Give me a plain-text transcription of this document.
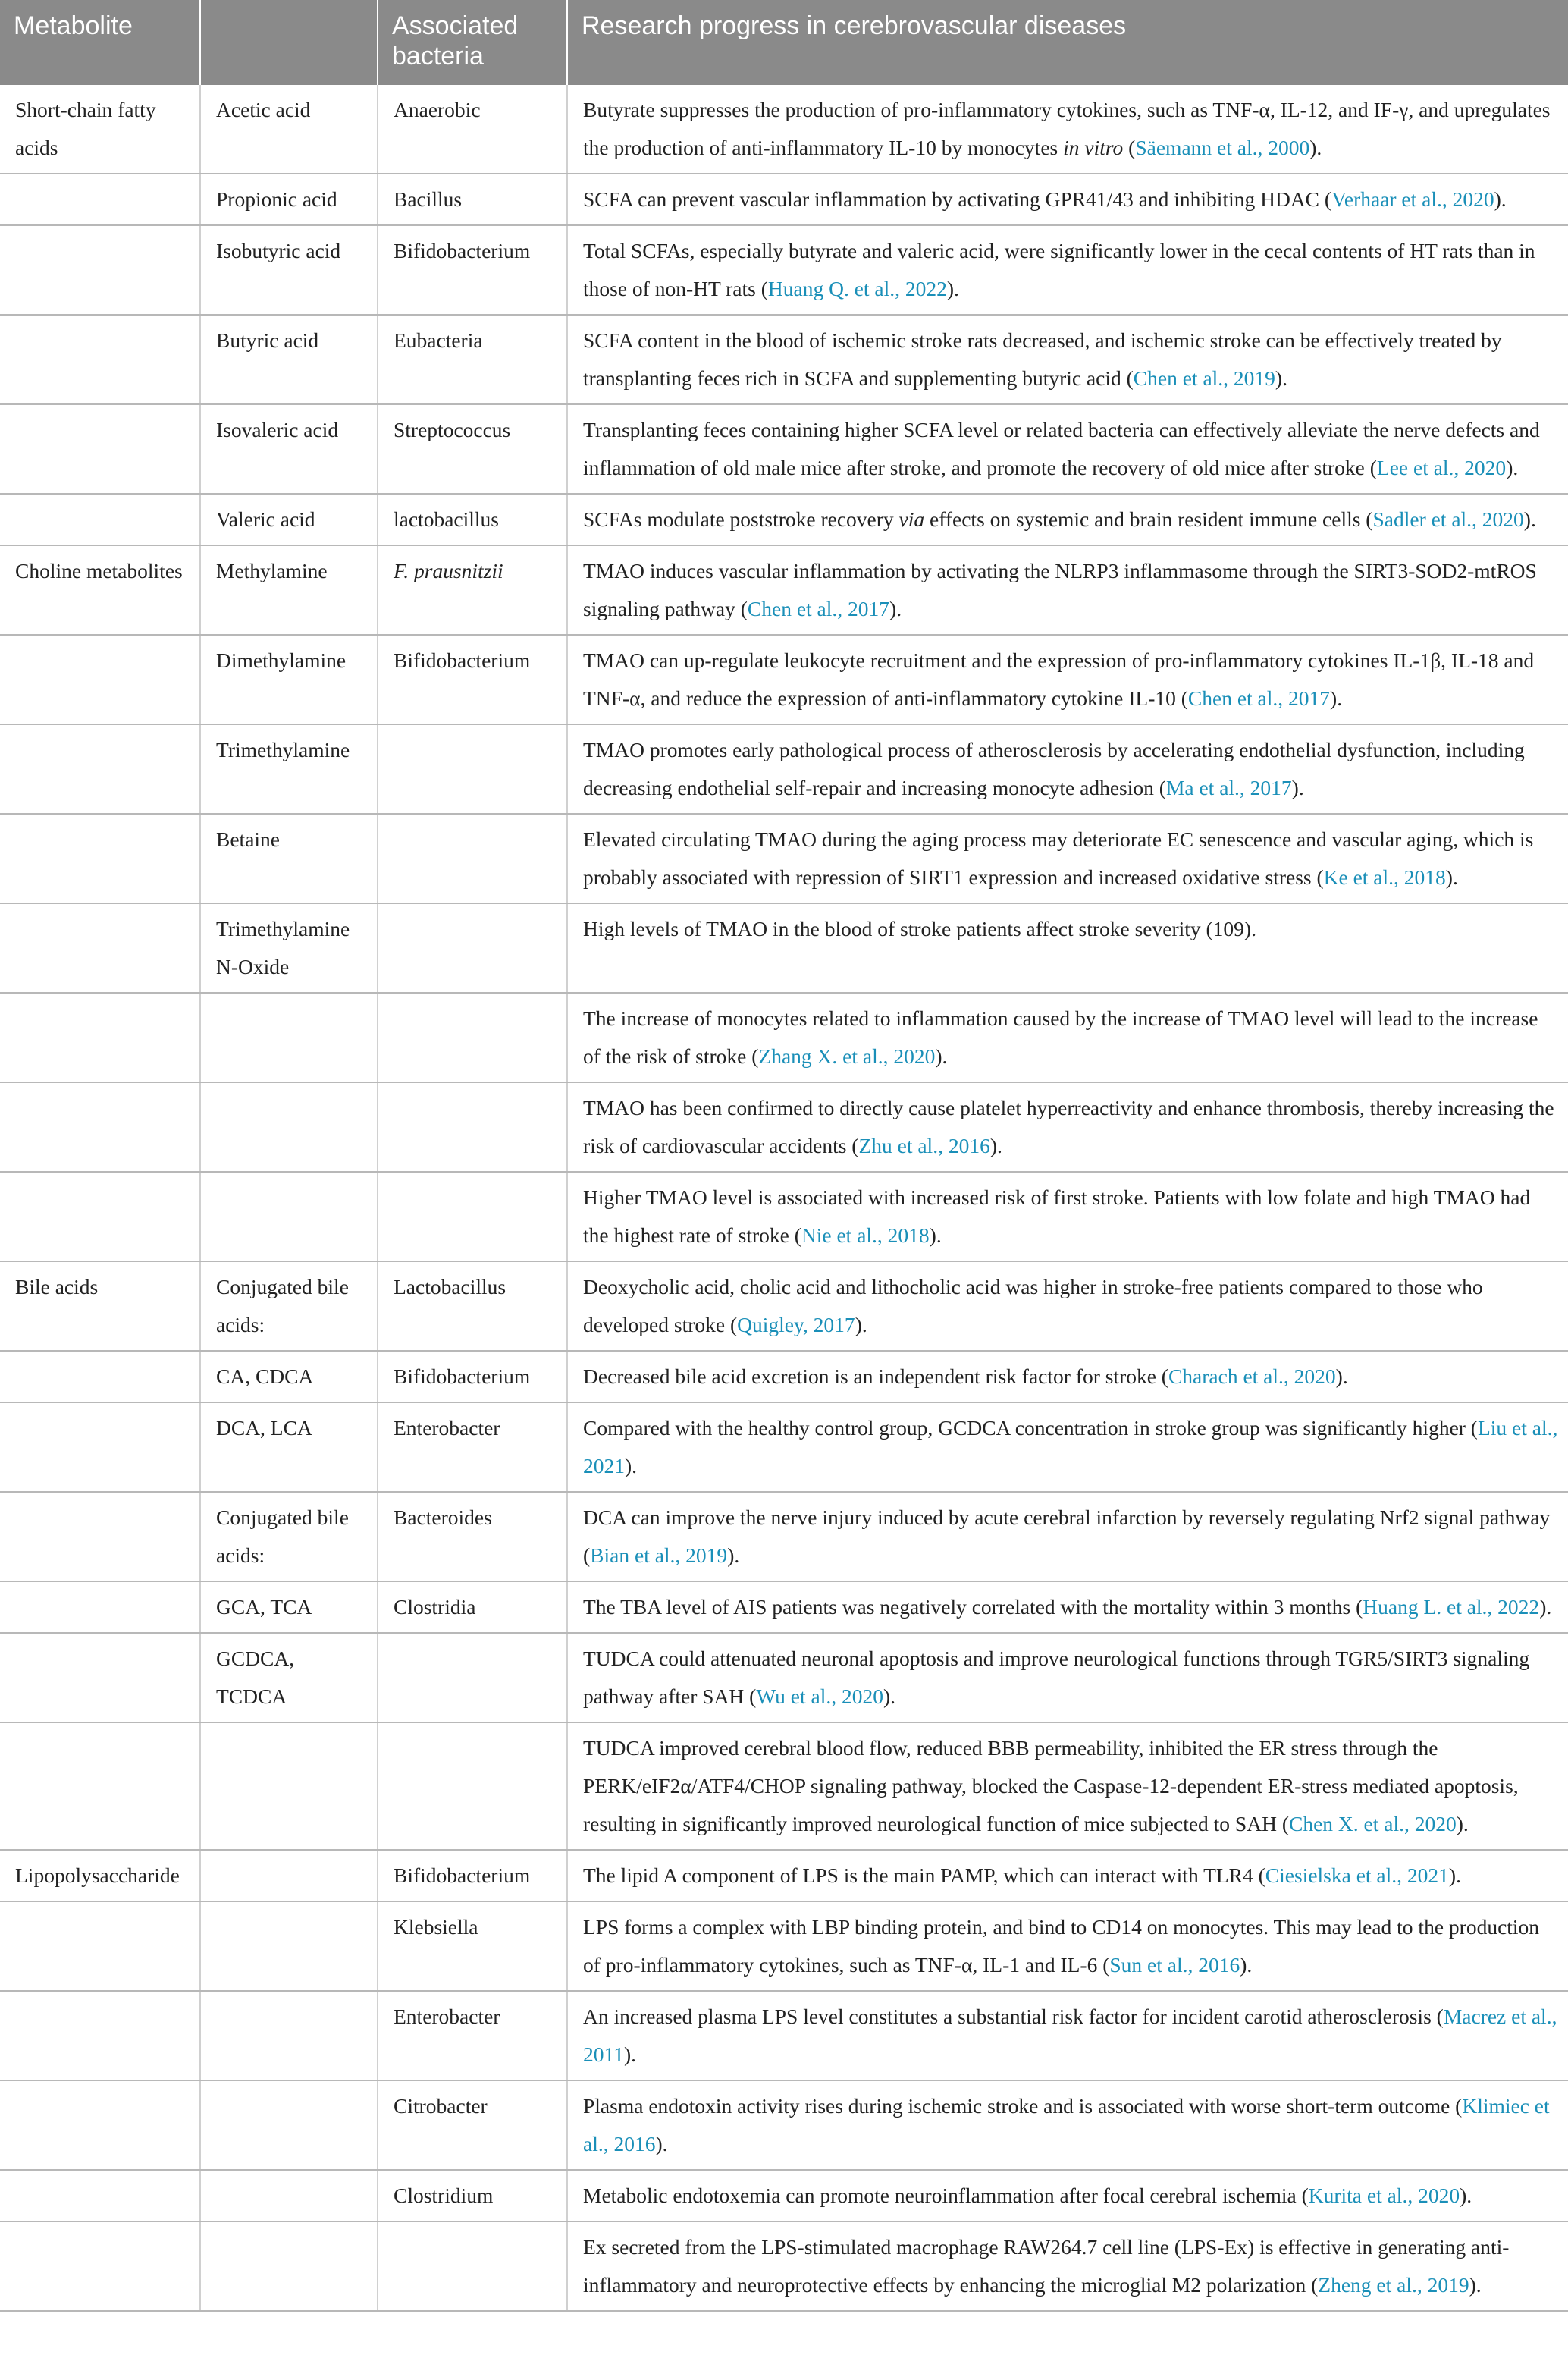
Metabolite		Associated bacteria	Research progress in cerebrovascular diseases
Short-chain fatty acids	Acetic acid	Anaerobic	Butyrate suppresses the production of pro-inflammatory cytokines, such as TNF-α, IL-12, and IF-γ, and upregulates the production of anti-inflammatory IL-10 by monocytes in vitro (Säemann et al., 2000).
	Propionic acid	Bacillus	SCFA can prevent vascular inflammation by activating GPR41/43 and inhibiting HDAC (Verhaar et al., 2020).
	Isobutyric acid	Bifidobacterium	Total SCFAs, especially butyrate and valeric acid, were significantly lower in the cecal contents of HT rats than in those of non-HT rats (Huang Q. et al., 2022).
	Butyric acid	Eubacteria	SCFA content in the blood of ischemic stroke rats decreased, and ischemic stroke can be effectively treated by transplanting feces rich in SCFA and supplementing butyric acid (Chen et al., 2019).
	Isovaleric acid	Streptococcus	Transplanting feces containing higher SCFA level or related bacteria can effectively alleviate the nerve defects and inflammation of old male mice after stroke, and promote the recovery of old mice after stroke (Lee et al., 2020).
	Valeric acid	lactobacillus	SCFAs modulate poststroke recovery via effects on systemic and brain resident immune cells (Sadler et al., 2020).
Choline metabolites	Methylamine	F. prausnitzii	TMAO induces vascular inflammation by activating the NLRP3 inflammasome through the SIRT3-SOD2-mtROS signaling pathway (Chen et al., 2017).
	Dimethylamine	Bifidobacterium	TMAO can up-regulate leukocyte recruitment and the expression of pro-inflammatory cytokines IL-1β, IL-18 and TNF-α, and reduce the expression of anti-inflammatory cytokine IL-10 (Chen et al., 2017).
	Trimethylamine		TMAO promotes early pathological process of atherosclerosis by accelerating endothelial dysfunction, including decreasing endothelial self-repair and increasing monocyte adhesion (Ma et al., 2017).
	Betaine		Elevated circulating TMAO during the aging process may deteriorate EC senescence and vascular aging, which is probably associated with repression of SIRT1 expression and increased oxidative stress (Ke et al., 2018).
	Trimethylamine N-Oxide		High levels of TMAO in the blood of stroke patients affect stroke severity (109).
			The increase of monocytes related to inflammation caused by the increase of TMAO level will lead to the increase of the risk of stroke (Zhang X. et al., 2020).
			TMAO has been confirmed to directly cause platelet hyperreactivity and enhance thrombosis, thereby increasing the risk of cardiovascular accidents (Zhu et al., 2016).
			Higher TMAO level is associated with increased risk of first stroke. Patients with low folate and high TMAO had the highest rate of stroke (Nie et al., 2018).
Bile acids	Conjugated bile acids:	Lactobacillus	Deoxycholic acid, cholic acid and lithocholic acid was higher in stroke-free patients compared to those who developed stroke (Quigley, 2017).
	CA, CDCA	Bifidobacterium	Decreased bile acid excretion is an independent risk factor for stroke (Charach et al., 2020).
	DCA, LCA	Enterobacter	Compared with the healthy control group, GCDCA concentration in stroke group was significantly higher (Liu et al., 2021).
	Conjugated bile acids:	Bacteroides	DCA can improve the nerve injury induced by acute cerebral infarction by reversely regulating Nrf2 signal pathway (Bian et al., 2019).
	GCA, TCA	Clostridia	The TBA level of AIS patients was negatively correlated with the mortality within 3 months (Huang L. et al., 2022).
	GCDCA, TCDCA		TUDCA could attenuated neuronal apoptosis and improve neurological functions through TGR5/SIRT3 signaling pathway after SAH (Wu et al., 2020).
			TUDCA improved cerebral blood flow, reduced BBB permeability, inhibited the ER stress through the PERK/eIF2α/ATF4/CHOP signaling pathway, blocked the Caspase-12-dependent ER-stress mediated apoptosis, resulting in significantly improved neurological function of mice subjected to SAH (Chen X. et al., 2020).
Lipopolysaccharide		Bifidobacterium	The lipid A component of LPS is the main PAMP, which can interact with TLR4 (Ciesielska et al., 2021).
		Klebsiella	LPS forms a complex with LBP binding protein, and bind to CD14 on monocytes. This may lead to the production of pro-inflammatory cytokines, such as TNF-α, IL-1 and IL-6 (Sun et al., 2016).
		Enterobacter	An increased plasma LPS level constitutes a substantial risk factor for incident carotid atherosclerosis (Macrez et al., 2011).
		Citrobacter	Plasma endotoxin activity rises during ischemic stroke and is associated with worse short-term outcome (Klimiec et al., 2016).
		Clostridium	Metabolic endotoxemia can promote neuroinflammation after focal cerebral ischemia (Kurita et al., 2020).
			Ex secreted from the LPS-stimulated macrophage RAW264.7 cell line (LPS-Ex) is effective in generating anti-inflammatory and neuroprotective effects by enhancing the microglial M2 polarization (Zheng et al., 2019).
